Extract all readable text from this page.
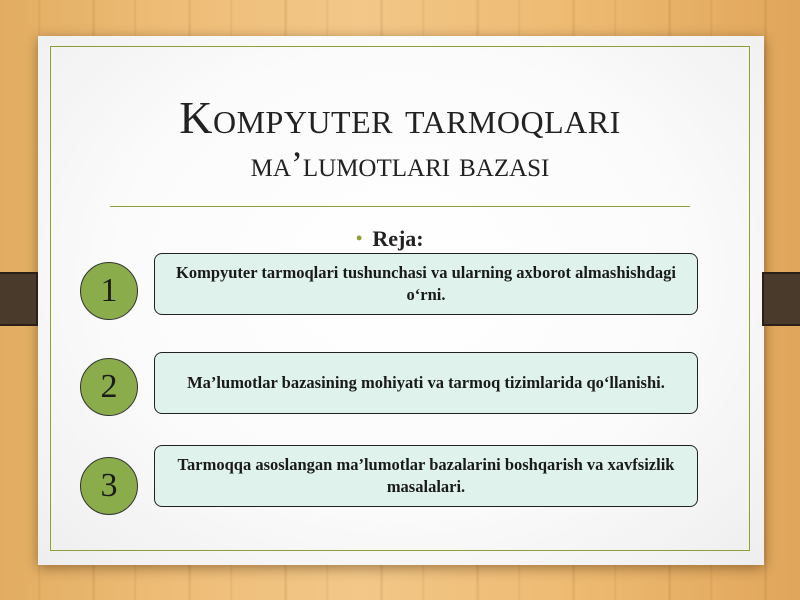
Kompyuter tarmoqlari
ma’lumotlari bazasi
• Reja:
1	Kompyuter tarmoqlari tushunchasi va ularning axborot almashishdagi o‘rni.
2	Ma’lumotlar bazasining mohiyati va tarmoq tizimlarida qo‘llanishi.
3
Tarmoqqa asoslangan ma’lumotlar bazalarini boshqarish va xavfsizlik masalalari.
